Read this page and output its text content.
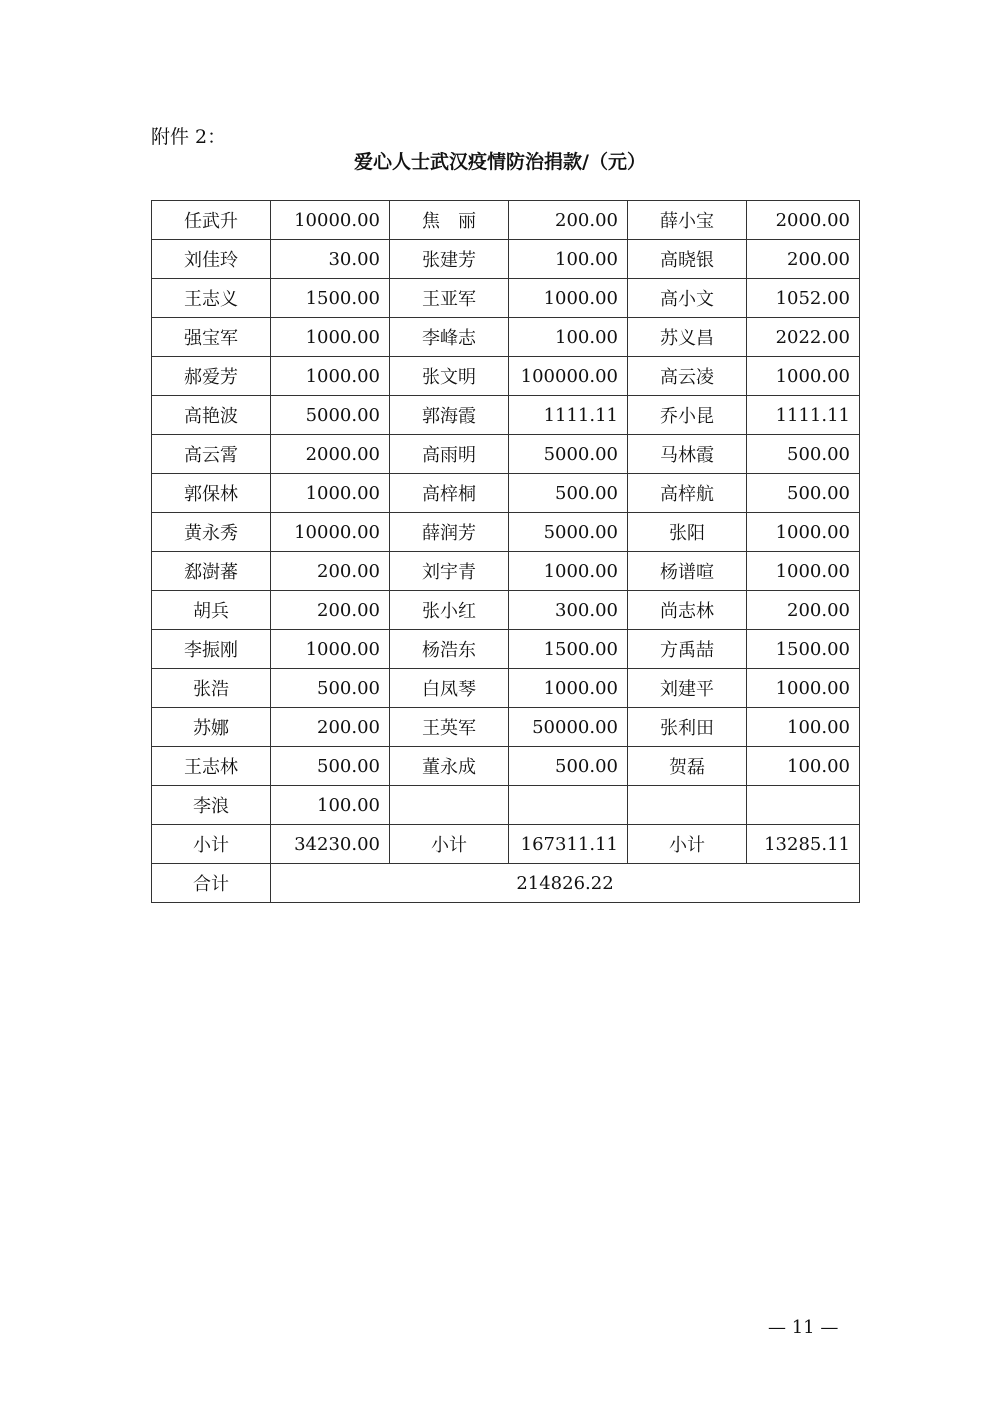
附件 2：
爱心人士武汉疫情防治捐款/（元）
任武升	10000.00	焦　丽	200.00	薛小宝	2000.00
刘佳玲	30.00	张建芳	100.00	高晓银	200.00
王志义	1500.00	王亚军	1000.00	高小文	1052.00
强宝军	1000.00	李峰志	100.00	苏义昌	2022.00
郝爱芳	1000.00	张文明	100000.00	高云凌	1000.00
高艳波	5000.00	郭海霞	1111.11	乔小昆	1111.11
高云霄	2000.00	高雨明	5000.00	马林霞	500.00
郭保林	1000.00	高梓桐	500.00	高梓航	500.00
黄永秀	10000.00	薛润芳	5000.00	张阳	1000.00
郄澍蕃	200.00	刘宇青	1000.00	杨谱喧	1000.00
胡兵	200.00	张小红	300.00	尚志林	200.00
李振刚	1000.00	杨浩东	1500.00	方禹喆	1500.00
张浩	500.00	白凤琴	1000.00	刘建平	1000.00
苏娜	200.00	王英军	50000.00	张利田	100.00
王志林	500.00	董永成	500.00	贺磊	100.00
李浪	100.00				
小计	34230.00	小计	167311.11	小计	13285.11
合计	214826.22				
— 11 —
